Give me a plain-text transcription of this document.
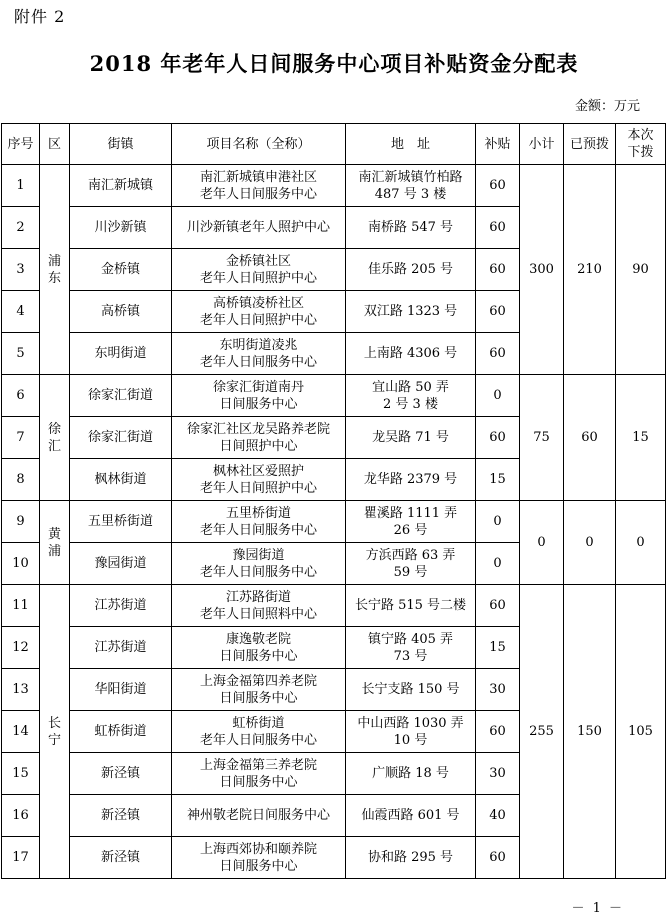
附件 2
2018 年老年人日间服务中心项目补贴资金分配表
金额：万元
序号	区	街镇	项目名称（全称）	地　址	补贴	小计	已预拨	本次
下拨
1	浦
东	南汇新城镇	南汇新城镇申港社区
老年人日间服务中心	南汇新城镇竹柏路
487 号 3 楼	60	300	210	90
2		川沙新镇	川沙新镇老年人照护中心	南桥路 547 号	60			
3		金桥镇	金桥镇社区
老年人日间照护中心	佳乐路 205 号	60			
4		高桥镇	高桥镇凌桥社区
老年人日间照护中心	双江路 1323 号	60			
5		东明街道	东明街道凌兆
老年人日间服务中心	上南路 4306 号	60			
6	徐
汇	徐家汇街道	徐家汇街道南丹
日间服务中心	宜山路 50 弄
2 号 3 楼	0	75	60	15
7		徐家汇街道	徐家汇社区龙吴路养老院
日间照护中心	龙吴路 71 号	60			
8		枫林街道	枫林社区爱照护
老年人日间照护中心	龙华路 2379 号	15			
9	黄
浦	五里桥街道	五里桥街道
老年人日间服务中心	瞿溪路 1111 弄
26 号	0	0	0	0
10		豫园街道	豫园街道
老年人日间服务中心	方浜西路 63 弄
59 号	0			
11	长
宁	江苏街道	江苏路街道
老年人日间照料中心	长宁路 515 号二楼	60	255	150	105
12		江苏街道	康逸敬老院
日间服务中心	镇宁路 405 弄
73 号	15			
13		华阳街道	上海金福第四养老院
日间服务中心	长宁支路 150 号	30			
14		虹桥街道	虹桥街道
老年人日间服务中心	中山西路 1030 弄
10 号	60			
15		新泾镇	上海金福第三养老院
日间服务中心	广顺路 18 号	30			
16		新泾镇	神州敬老院日间服务中心	仙霞西路 601 号	40			
17		新泾镇	上海西郊协和颐养院
日间服务中心	协和路 295 号	60			
－ 1 －
